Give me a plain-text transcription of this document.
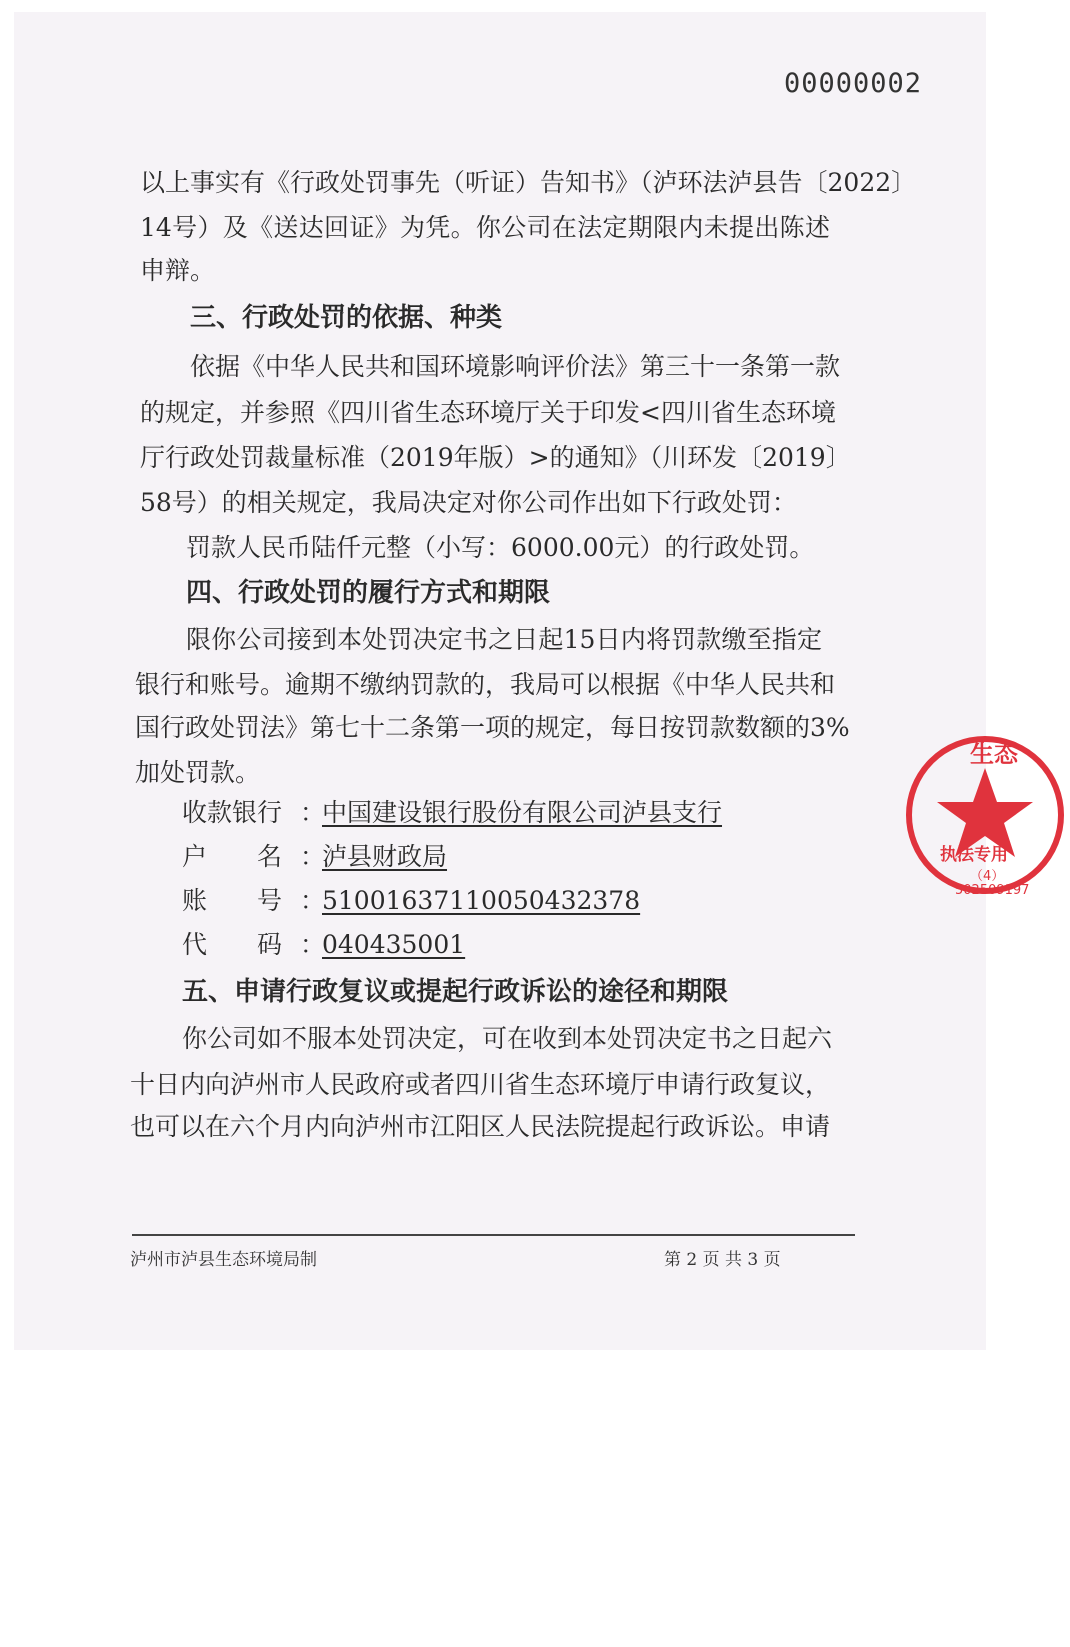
00000002
以上事实有《行政处罚事先（听证）告知书》（泸环法泸县告〔2022〕
14号）及《送达回证》为凭。你公司在法定期限内未提出陈述
申辩。
三、行政处罚的依据、种类
依据《中华人民共和国环境影响评价法》第三十一条第一款
的规定，并参照《四川省生态环境厅关于印发<四川省生态环境
厅行政处罚裁量标准（2019年版）>的通知》（川环发〔2019〕
58号）的相关规定，我局决定对你公司作出如下行政处罚：
罚款人民币陆仟元整（小写：6000.00元）的行政处罚。
四、行政处罚的履行方式和期限
限你公司接到本处罚决定书之日起15日内将罚款缴至指定
银行和账号。逾期不缴纳罚款的，我局可以根据《中华人民共和
国行政处罚法》第七十二条第一项的规定，每日按罚款数额的3%
加处罚款。
收款银行 ：中国建设银行股份有限公司泸县支行
户　　名 ：泸县财政局
账　　号 ：51001637110050432378
代　　码 ：040435001
五、申请行政复议或提起行政诉讼的途径和期限
你公司如不服本处罚决定，可在收到本处罚决定书之日起六
十日内向泸州市人民政府或者四川省生态环境厅申请行政复议，
也可以在六个月内向泸州市江阳区人民法院提起行政诉讼。申请
泸州市泸县生态环境局制	第 2 页 共 3 页
生态
执法专用
（4）
502509197
